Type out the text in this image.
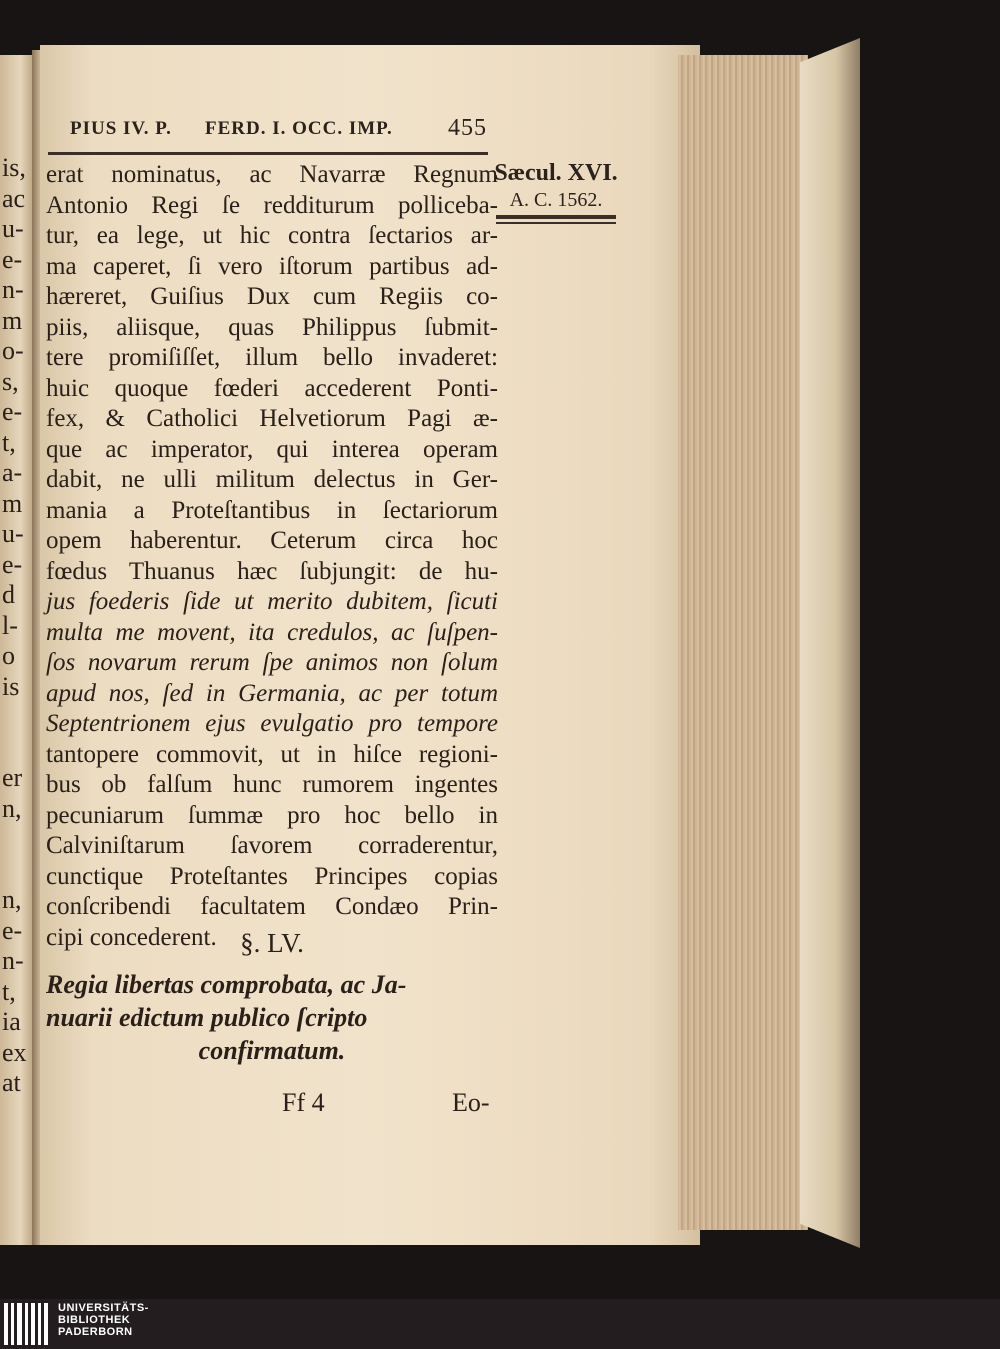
is,
ac
u-
e-
n-
m
o-
s,
e-
t,
a-
m
u-
e-
d
l-
o
is
er
n,
n,
e-
n-
t,
ia
ex
at
PIUS IV. P. FERD. I. OCC. IMP. 455
Sæcul. XVI.
A. C. 1562.
erat nominatus, ac Navarræ Regnum
Antonio Regi ſe redditurum polliceba-
tur, ea lege, ut hic contra ſectarios ar-
ma caperet, ſi vero iſtorum partibus ad-
hæreret, Guiſius Dux cum Regiis co-
piis, aliisque, quas Philippus ſubmit-
tere promiſiſſet, illum bello invaderet:
huic quoque fœderi accederent Ponti-
fex, & Catholici Helvetiorum Pagi æ-
que ac imperator, qui interea operam
dabit, ne ulli militum delectus in Ger-
mania a Proteſtantibus in ſectariorum
opem haberentur. Ceterum circa hoc
fœdus Thuanus hæc ſubjungit: de hu-
jus foederis ſide ut merito dubitem, ſicuti
multa me movent, ita credulos, ac ſuſpen-
ſos novarum rerum ſpe animos non ſolum
apud nos, ſed in Germania, ac per totum
Septentrionem ejus evulgatio pro tempore
tantopere commovit, ut in hiſce regioni-
bus ob falſum hunc rumorem ingentes
pecuniarum ſummæ pro hoc bello in
Calviniſtarum ſavorem corraderentur,
cunctique Proteſtantes Principes copias
conſcribendi facultatem Condæo Prin-
cipi concederent. §. LV.
Regia libertas comprobata, ac Ja-
nuarii edictum publico ſcripto
confirmatum.
Ff 4	Eo-
UNIVERSITÄTS-
BIBLIOTHEK
PADERBORN
